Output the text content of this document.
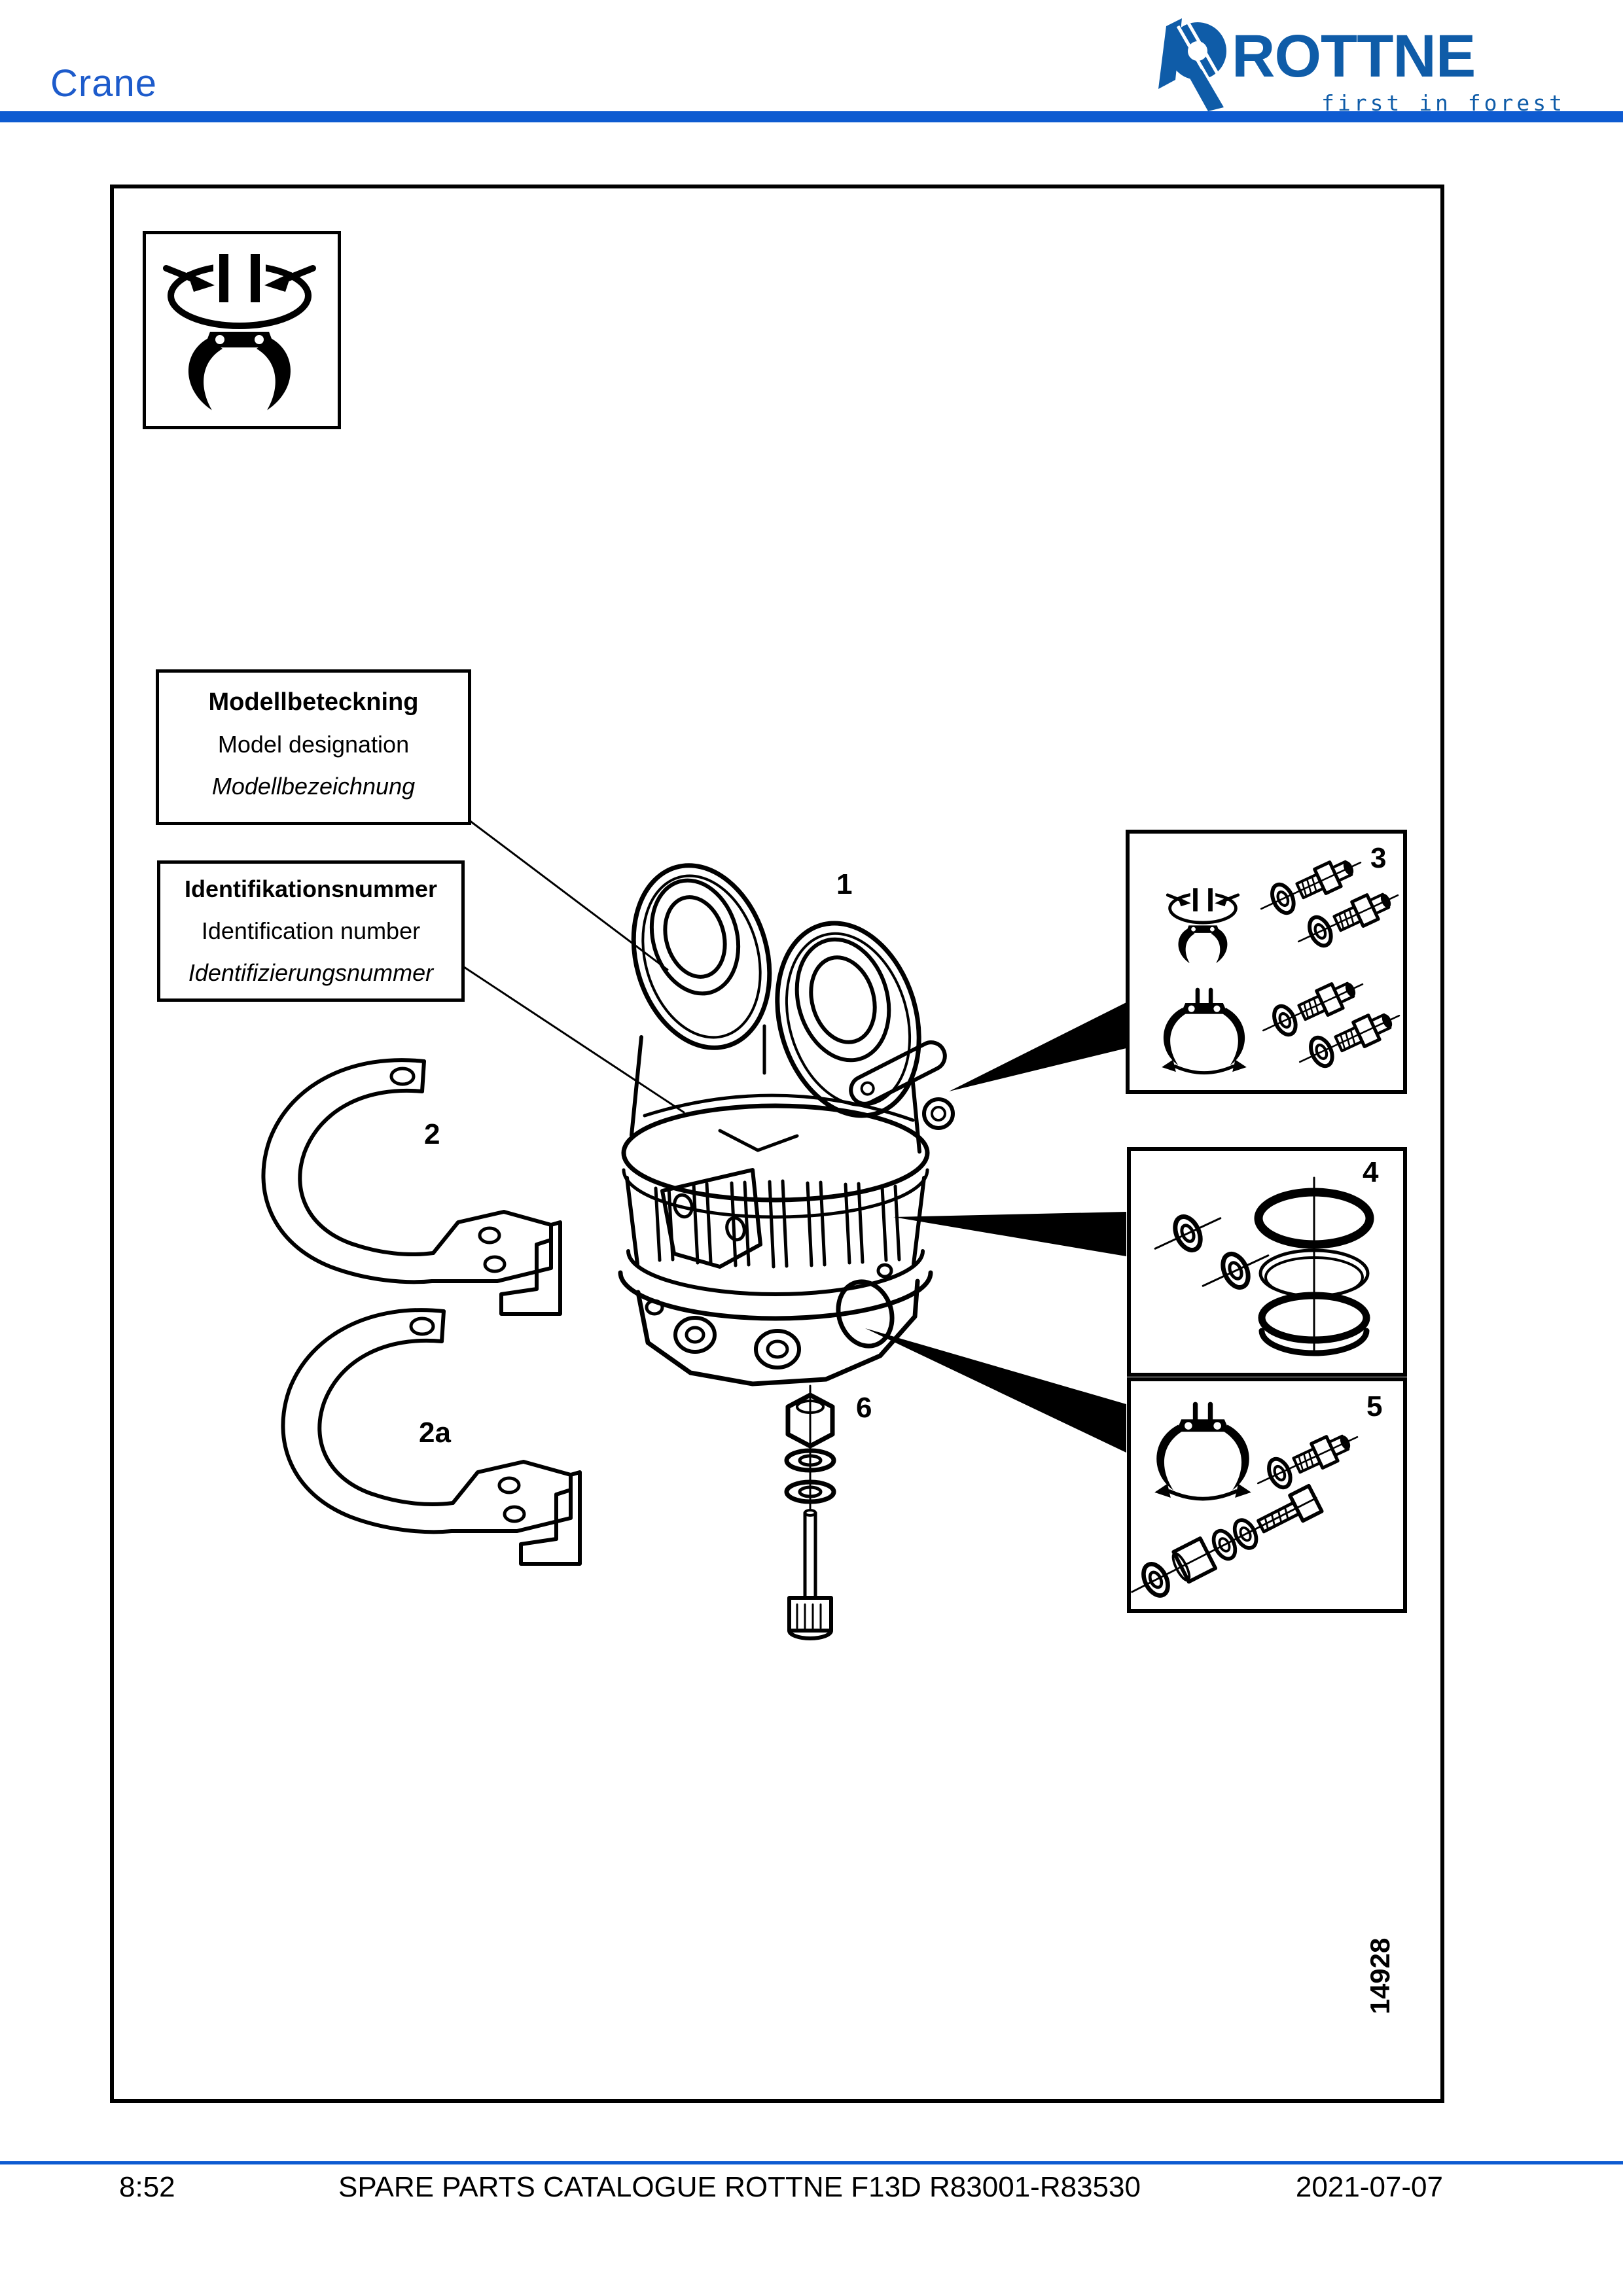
Crane	ROTTNE
first in forest
Modellbeteckning
Model designation
Modellbezeichnung
Identifikationsnummer
Identification number
Identifizierungsnummer
1
2
2a
3
4
5
6
14928
8:52	SPARE PARTS CATALOGUE ROTTNE F13D R83001-R83530	2021-07-07
